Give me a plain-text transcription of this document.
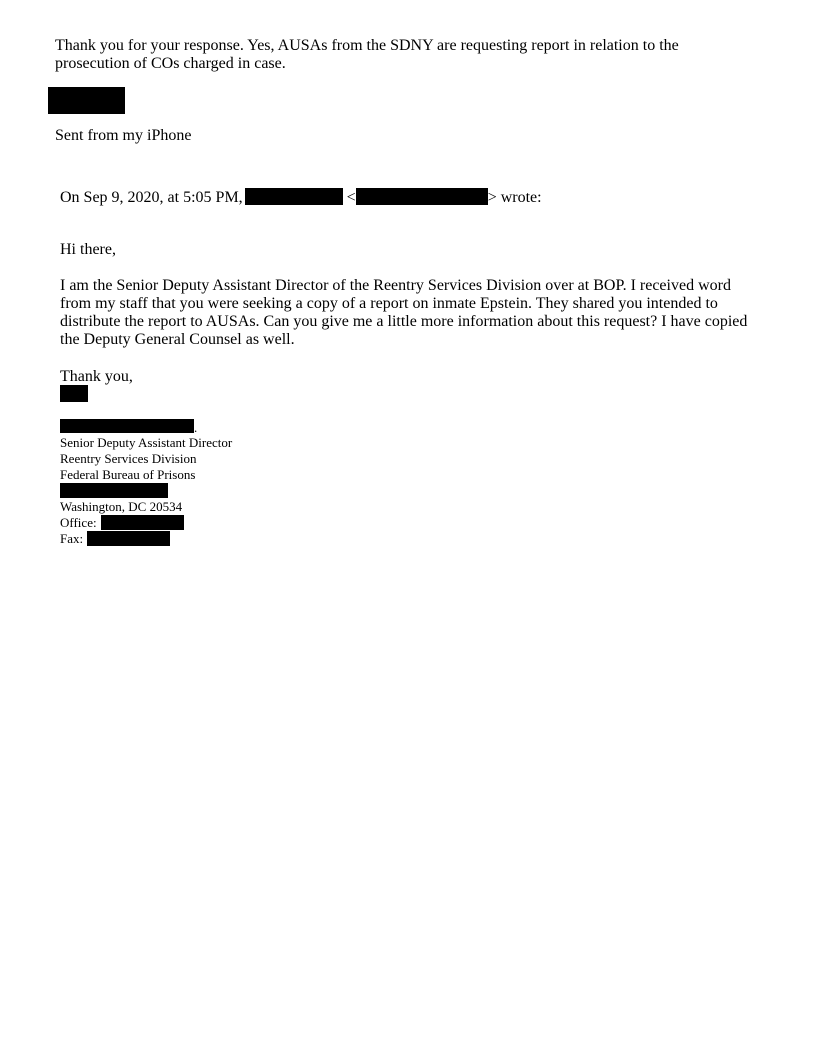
Thank you for your response. Yes, AUSAs from the SDNY are requesting report in relation to the

prosecution of COs charged in case.

Sent from my iPhone

On Sep 9, 2020, at 5:05 PM,	<	> wrote:

Hi there,

I am the Senior Deputy Assistant Director of the Reentry Services Division over at BOP. I received word

from my staff that you were seeking a copy of a report on inmate Epstein. They shared you intended to

distribute the report to AUSAs. Can you give me a little more information about this request? I have copied

the Deputy General Counsel as well.

Thank you,

.

Senior Deputy Assistant Director

Reentry Services Division

Federal Bureau of Prisons

Washington, DC 20534

Office:

Fax:
